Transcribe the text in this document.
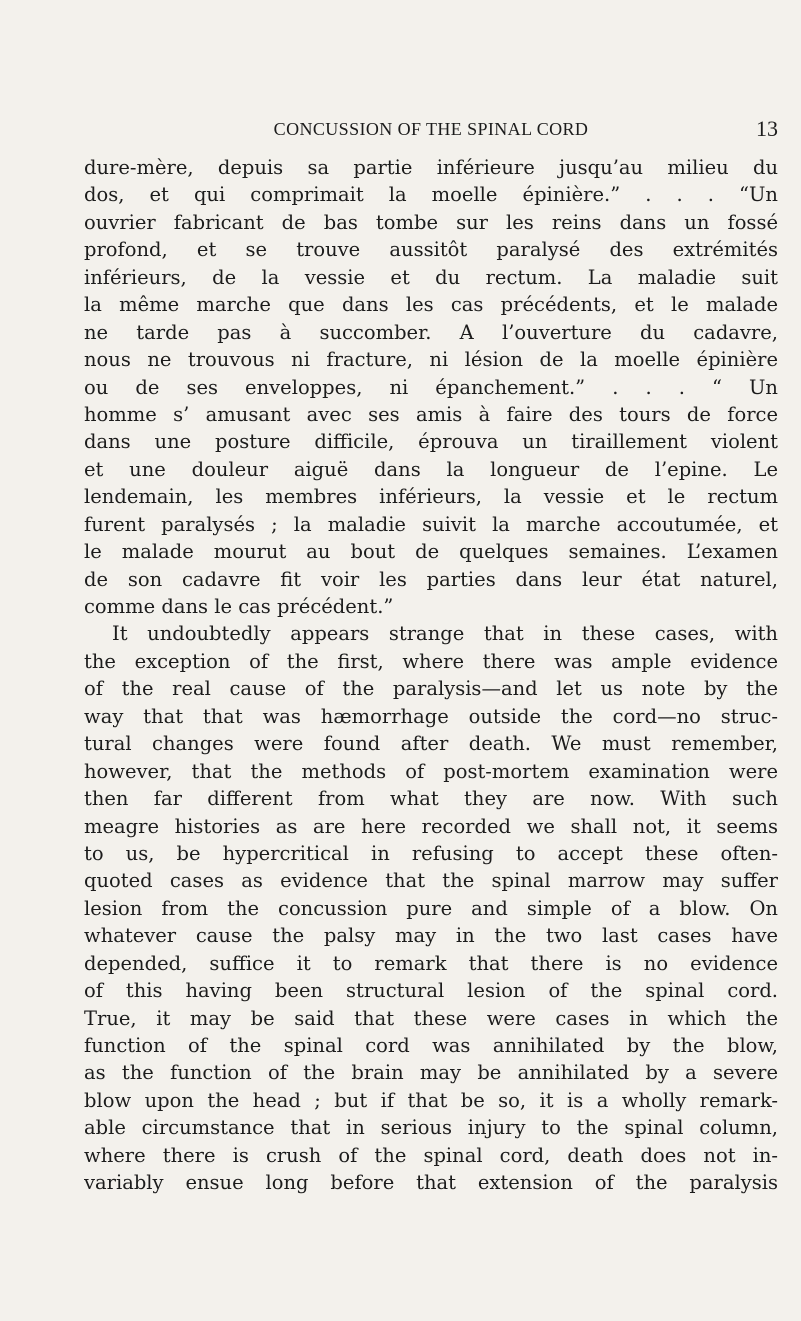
CONCUSSION OF THE SPINAL CORD	13
dure-mère, depuis sa partie inférieure jusqu’au milieu du
dos, et qui comprimait la moelle épinière.” . . . “Un
ouvrier fabricant de bas tombe sur les reins dans un fossé
profond, et se trouve aussitôt paralysé des extrémités
inférieurs, de la vessie et du rectum. La maladie suit
la même marche que dans les cas précédents, et le malade
ne tarde pas à succomber. A l’ouverture du cadavre,
nous ne trouvous ni fracture, ni lésion de la moelle épinière
ou de ses enveloppes, ni épanchement.” . . . “ Un
homme s’ amusant avec ses amis à faire des tours de force
dans une posture difficile, éprouva un tiraillement violent
et une douleur aiguë dans la longueur de l’epine. Le
lendemain, les membres inférieurs, la vessie et le rectum
furent paralysés ; la maladie suivit la marche accoutumée, et
le malade mourut au bout de quelques semaines. L’examen
de son cadavre fit voir les parties dans leur état naturel,
comme dans le cas précédent.”
It undoubtedly appears strange that in these cases, with
the exception of the first, where there was ample evidence
of the real cause of the paralysis—and let us note by the
way that that was hæmorrhage outside the cord—no struc-
tural changes were found after death. We must remember,
however, that the methods of post-mortem examination were
then far different from what they are now. With such
meagre histories as are here recorded we shall not, it seems
to us, be hypercritical in refusing to accept these often-
quoted cases as evidence that the spinal marrow may suffer
lesion from the concussion pure and simple of a blow. On
whatever cause the palsy may in the two last cases have
depended, suffice it to remark that there is no evidence
of this having been structural lesion of the spinal cord.
True, it may be said that these were cases in which the
function of the spinal cord was annihilated by the blow,
as the function of the brain may be annihilated by a severe
blow upon the head ; but if that be so, it is a wholly remark-
able circumstance that in serious injury to the spinal column,
where there is crush of the spinal cord, death does not in-
variably ensue long before that extension of the paralysis
